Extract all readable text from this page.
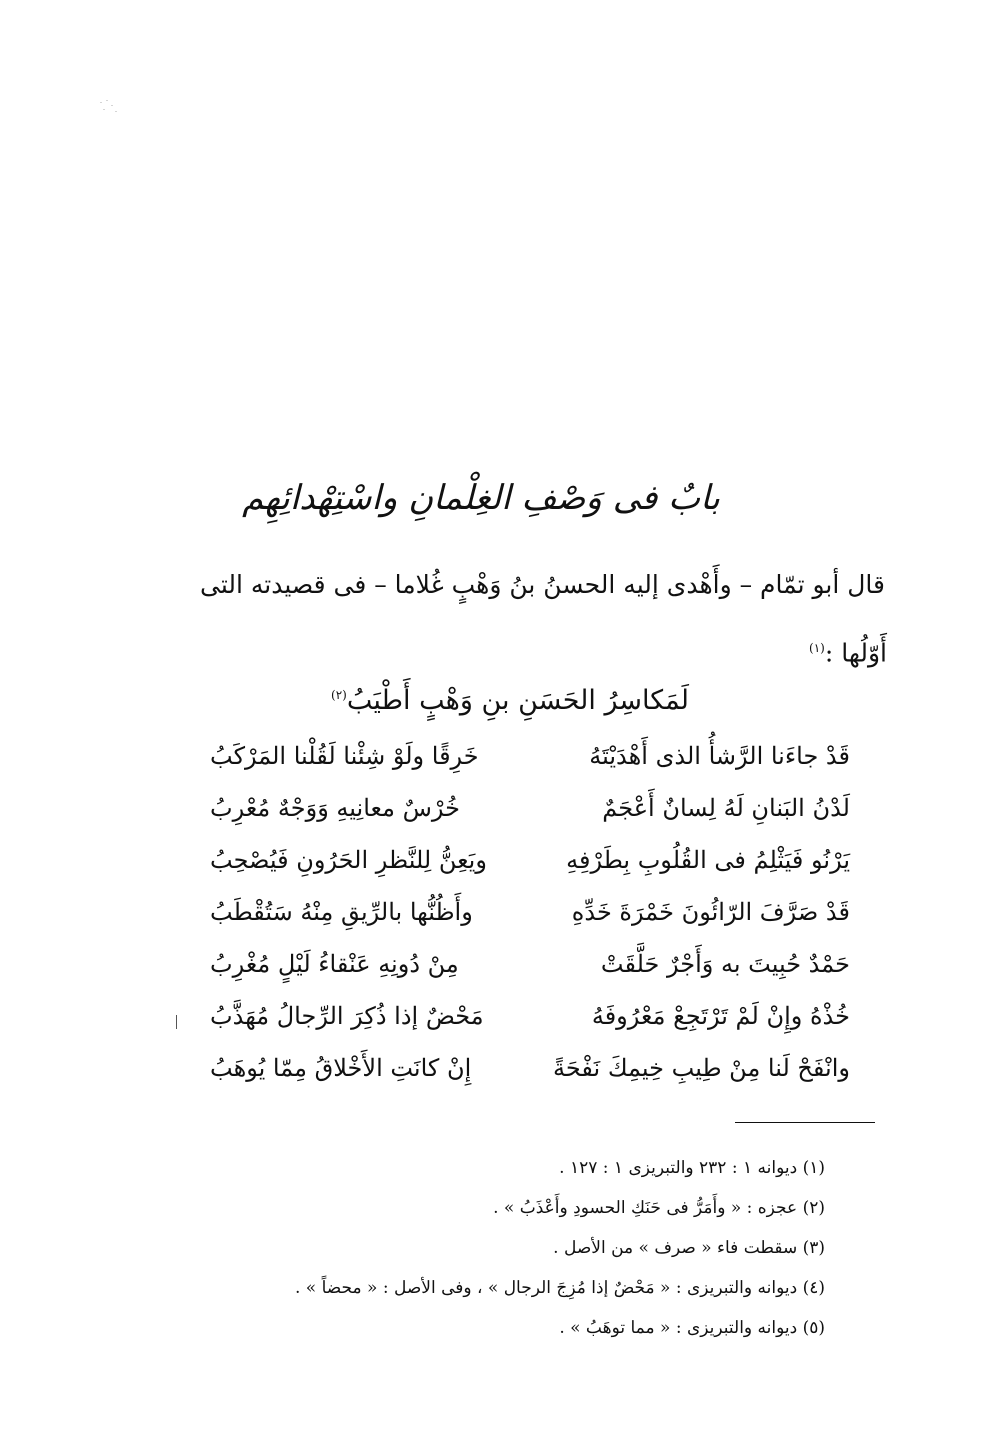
بابٌ فى وَصْفِ الغِلْمانِ واسْتِهْدائِهِم
قال أبو تمّام – وأَهْدى إليه الحسنُ بنُ وَهْبٍ غُلاما – فى قصيدته التى
أَوّلُها :$^{(١)}$
لَمَكاسِرُ الحَسَنِ بنِ وَهْبٍ أَطْيَبُ$^{(٢)}$
قَدْ جاءَنا الرَّشأُ الذى أَهْدَيْتَهُ
خَرِقًا ولَوْ شِئْنا لَقُلْنا المَرْكَبُ
لَدْنُ البَنانِ لَهُ لِسانٌ أَعْجَمٌ
خُرْسٌ معانِيهِ وَوَجْهٌ مُعْرِبُ
يَرْنُو فَيَثْلِمُ فى القُلُوبِ بِطَرْفِهِ
ويَعِنُّ لِلنَّظرِ الحَرُونِ فَيُصْحِبُ
قَدْ صَرَّفَ الرّائُونَ خَمْرَةَ خَدِّهِ
وأَظُنُّها بالرِّيقِ مِنْهُ سَتُقْطَبُ
حَمْدٌ حُبِيتَ به وَأَجْرٌ حَلَّقَتْ
مِنْ دُونِهِ عَنْقاءُ لَيْلٍ مُغْرِبُ
خُذْهُ وإِنْ لَمْ تَرْتَجِعْ مَعْرُوفَهُ
مَحْضٌ إذا ذُكِرَ الرِّجالُ مُهَذَّبُ
وانْفَحْ لَنا مِنْ طِيبِ خِيمِكَ نَفْحَةً
إِنْ كانَتِ الأَخْلاقُ مِمّا يُوهَبُ
(١) ديوانه ١ : ٢٣٢ والتبريزى ١ : ١٢٧ .
(٢) عجزه : « وأَمَرُّ فى حَنَكِ الحسودِ وأَعْذَبُ » .
(٣) سقطت فاء « صرف » من الأصل .
(٤) ديوانه والتبريزى : « مَحْضٌ إذا مُزِجَ الرجال » ، وفى الأصل : « محضاً » .
(٥) ديوانه والتبريزى : « مما توهَبُ » .
